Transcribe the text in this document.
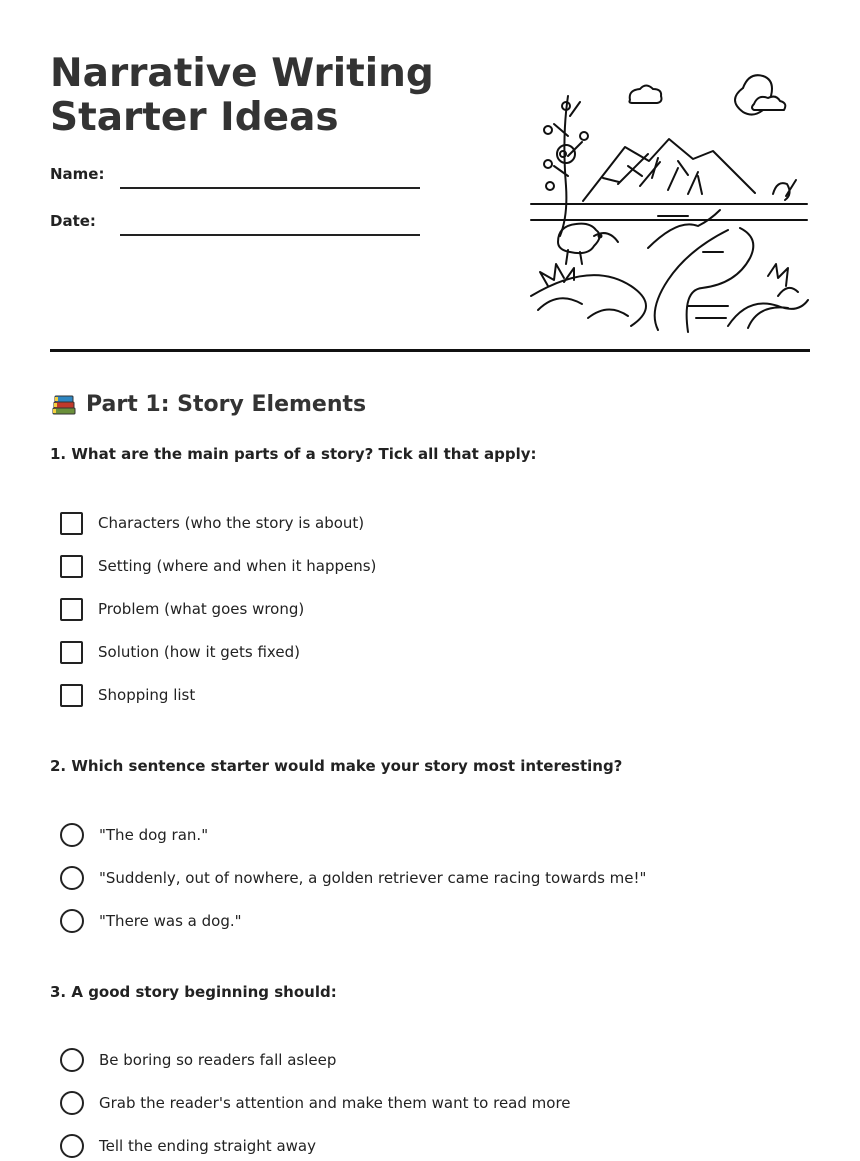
Narrative Writing Starter Ideas
Name:
Date:
Part 1: Story Elements
1. What are the main parts of a story? Tick all that apply:
Characters (who the story is about)
Setting (where and when it happens)
Problem (what goes wrong)
Solution (how it gets fixed)
Shopping list
2. Which sentence starter would make your story most interesting?
"The dog ran."
"Suddenly, out of nowhere, a golden retriever came racing towards me!"
"There was a dog."
3. A good story beginning should:
Be boring so readers fall asleep
Grab the reader's attention and make them want to read more
Tell the ending straight away
